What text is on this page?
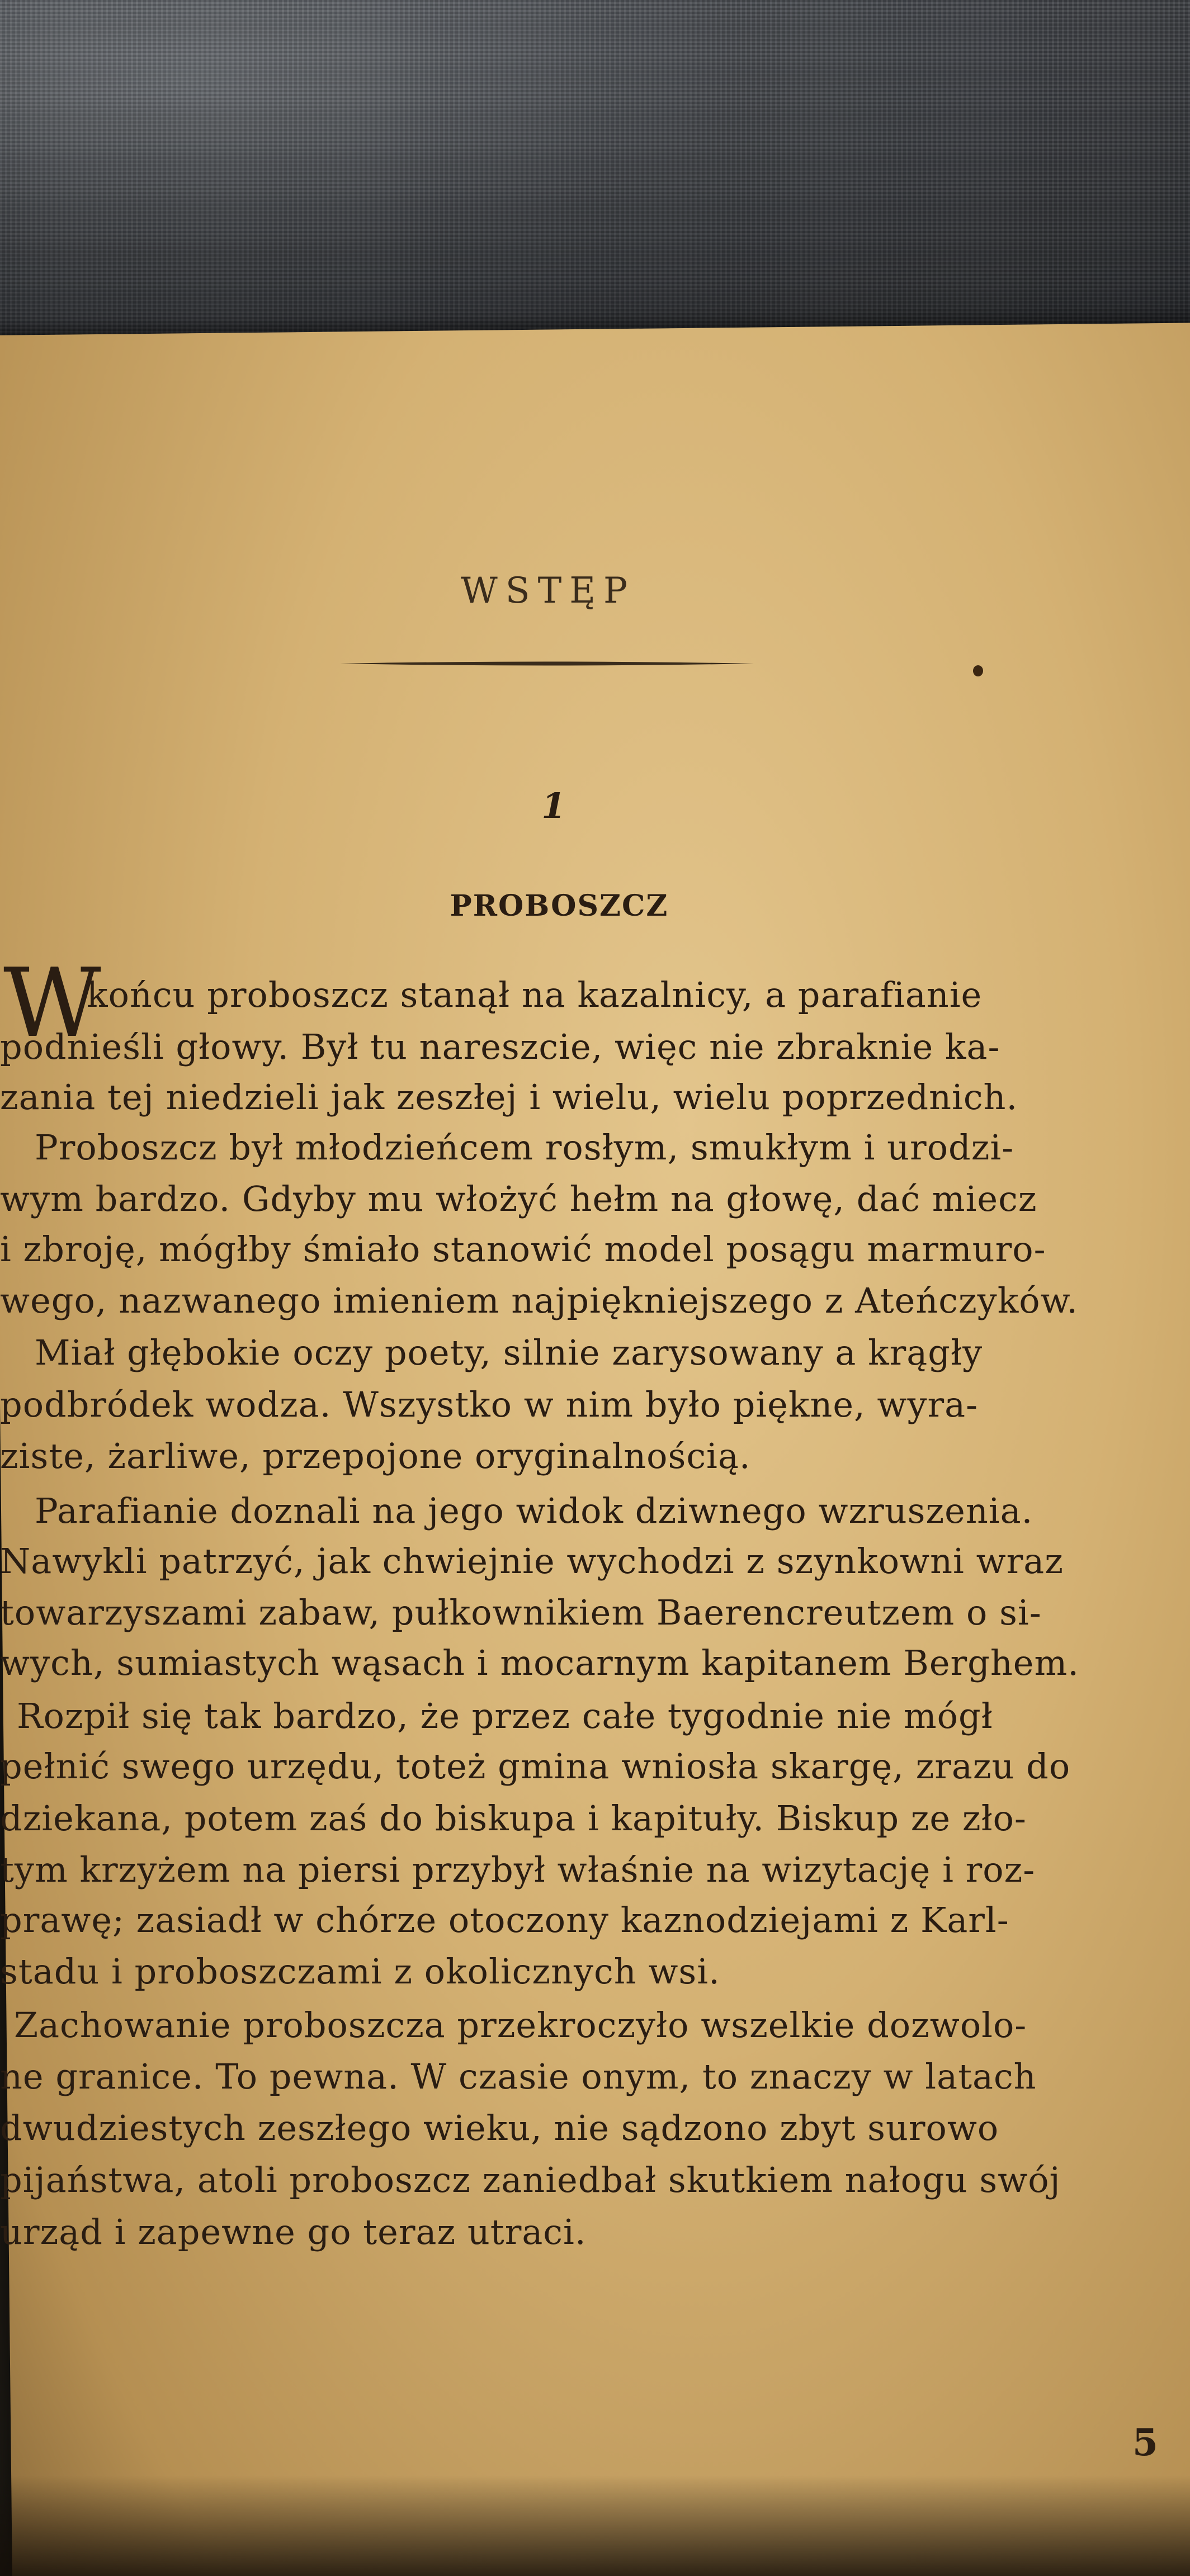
WSTĘP
1
PROBOSZCZ
W
końcu proboszcz stanął na kazalnicy, a parafianie
podnieśli głowy. Był tu nareszcie, więc nie zbraknie ka-
zania tej niedzieli jak zeszłej i wielu, wielu poprzednich.
Proboszcz był młodzieńcem rosłym, smukłym i urodzi-
wym bardzo. Gdyby mu włożyć hełm na głowę, dać miecz
i zbroję, mógłby śmiało stanowić model posągu marmuro-
wego, nazwanego imieniem najpiękniejszego z Ateńczyków.
Miał głębokie oczy poety, silnie zarysowany a krągły
podbródek wodza. Wszystko w nim było piękne, wyra-
ziste, żarliwe, przepojone oryginalnością.
Parafianie doznali na jego widok dziwnego wzruszenia.
Nawykli patrzyć, jak chwiejnie wychodzi z szynkowni wraz
towarzyszami zabaw, pułkownikiem Baerencreutzem o si-
wych, sumiastych wąsach i mocarnym kapitanem Berghem.
Rozpił się tak bardzo, że przez całe tygodnie nie mógł
pełnić swego urzędu, toteż gmina wniosła skargę, zrazu do
dziekana, potem zaś do biskupa i kapituły. Biskup ze zło-
tym krzyżem na piersi przybył właśnie na wizytację i roz-
prawę; zasiadł w chórze otoczony kaznodziejami z Karl-
stadu i proboszczami z okolicznych wsi.
Zachowanie proboszcza przekroczyło wszelkie dozwolo-
ne granice. To pewna. W czasie onym, to znaczy w latach
dwudziestych zeszłego wieku, nie sądzono zbyt surowo
pijaństwa, atoli proboszcz zaniedbał skutkiem nałogu swój
urząd i zapewne go teraz utraci.
5
